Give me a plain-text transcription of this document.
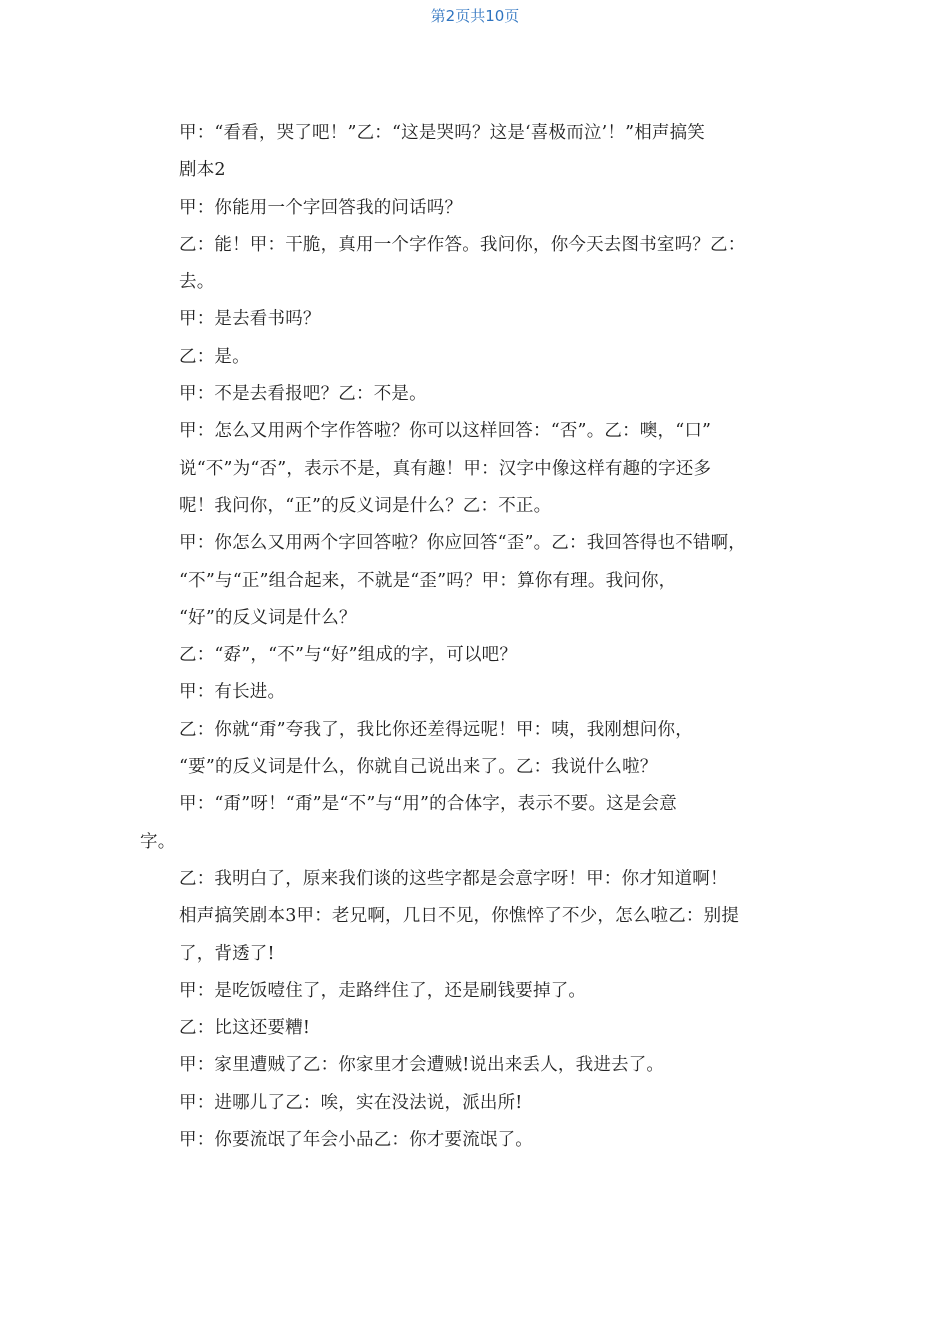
第2页共10页

甲：“看看，哭了吧！”乙：“这是哭吗？这是‘喜极而泣’！”相声搞笑

剧本2

甲：你能用一个字回答我的问话吗？

乙：能！甲：干脆，真用一个字作答。我问你，你今天去图书室吗？乙：

去。

甲：是去看书吗？

乙：是。

甲：不是去看报吧？乙：不是。

甲：怎么又用两个字作答啦？你可以这样回答：“否”。乙：噢，“口”

说“不”为“否”，表示不是，真有趣！甲：汉字中像这样有趣的字还多

呢！我问你，“正”的反义词是什么？乙：不正。

甲：你怎么又用两个字回答啦？你应回答“歪”。乙：我回答得也不错啊，

“不”与“正”组合起来，不就是“歪”吗？甲：算你有理。我问你，

“好”的反义词是什么？

乙：“孬”，“不”与“好”组成的字，可以吧？

甲：有长进。

乙：你就“甭”夸我了，我比你还差得远呢！甲：咦，我刚想问你，

“要”的反义词是什么，你就自己说出来了。乙：我说什么啦？

甲：“甭”呀！“甭”是“不”与“用”的合体字，表示不要。这是会意

字。

乙：我明白了，原来我们谈的这些字都是会意字呀！甲：你才知道啊！

相声搞笑剧本3甲：老兄啊，几日不见，你憔悴了不少，怎么啦乙：别提

了，背透了!

甲：是吃饭噎住了，走路绊住了，还是刷钱要掉了。

乙：比这还要糟!

甲：家里遭贼了乙：你家里才会遭贼!说出来丢人，我进去了。

甲：进哪儿了乙：唉，实在没法说，派出所!

甲：你要流氓了年会小品乙：你才要流氓了。
